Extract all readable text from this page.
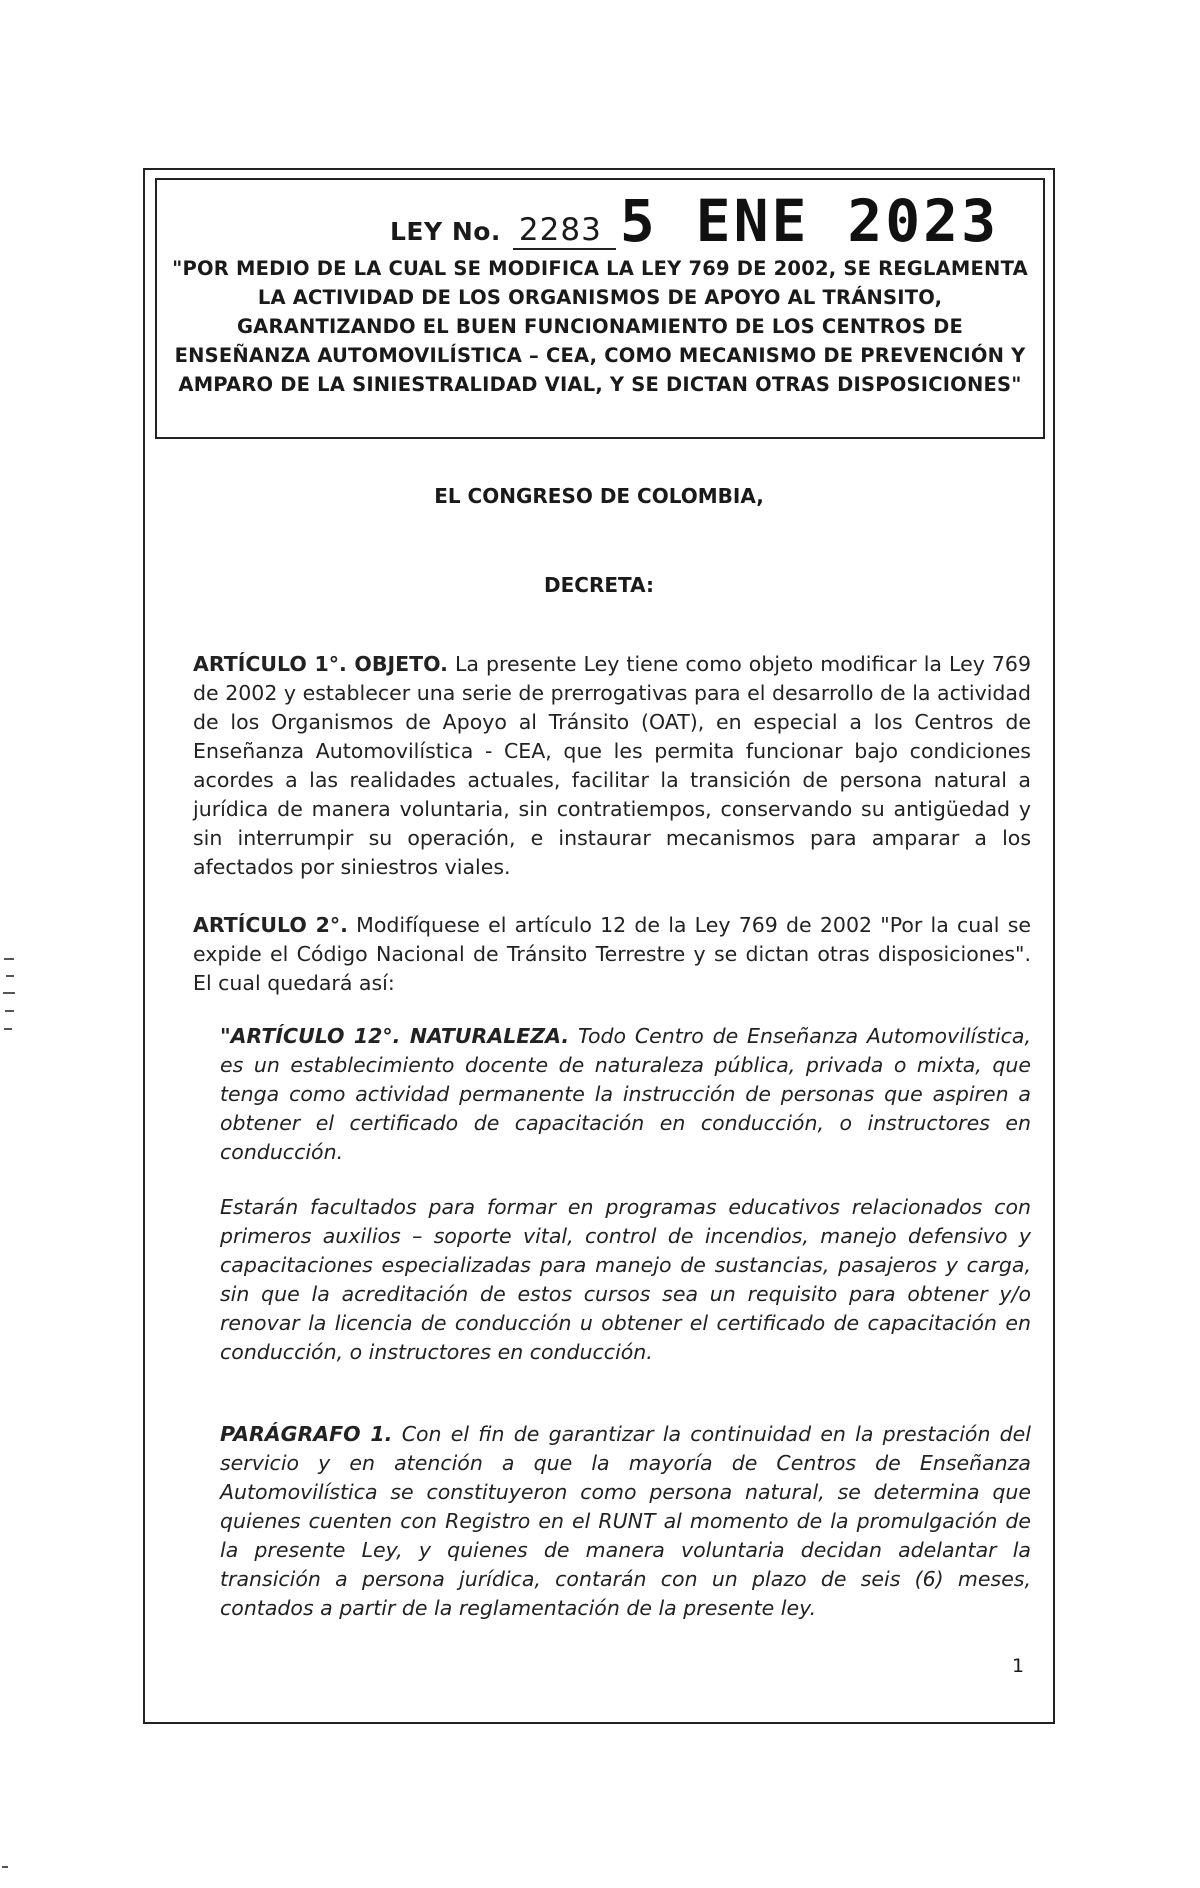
LEY No. 2283 5 ENE 2023

"POR MEDIO DE LA CUAL SE MODIFICA LA LEY 769 DE 2002, SE REGLAMENTA LA ACTIVIDAD DE LOS ORGANISMOS DE APOYO AL TRÁNSITO, GARANTIZANDO EL BUEN FUNCIONAMIENTO DE LOS CENTROS DE ENSEÑANZA AUTOMOVILÍSTICA – CEA, COMO MECANISMO DE PREVENCIÓN Y AMPARO DE LA SINIESTRALIDAD VIAL, Y SE DICTAN OTRAS DISPOSICIONES"

EL CONGRESO DE COLOMBIA,

DECRETA:

ARTÍCULO 1°. OBJETO. La presente Ley tiene como objeto modificar la Ley 769 de 2002 y establecer una serie de prerrogativas para el desarrollo de la actividad de los Organismos de Apoyo al Tránsito (OAT), en especial a los Centros de Enseñanza Automovilística - CEA, que les permita funcionar bajo condiciones acordes a las realidades actuales, facilitar la transición de persona natural a jurídica de manera voluntaria, sin contratiempos, conservando su antigüedad y sin interrumpir su operación, e instaurar mecanismos para amparar a los afectados por siniestros viales.

ARTÍCULO 2°. Modifíquese el artículo 12 de la Ley 769 de 2002 "Por la cual se expide el Código Nacional de Tránsito Terrestre y se dictan otras disposiciones". El cual quedará así:

"ARTÍCULO 12°. NATURALEZA. Todo Centro de Enseñanza Automovilística, es un establecimiento docente de naturaleza pública, privada o mixta, que tenga como actividad permanente la instrucción de personas que aspiren a obtener el certificado de capacitación en conducción, o instructores en conducción.

Estarán facultados para formar en programas educativos relacionados con primeros auxilios – soporte vital, control de incendios, manejo defensivo y capacitaciones especializadas para manejo de sustancias, pasajeros y carga, sin que la acreditación de estos cursos sea un requisito para obtener y/o renovar la licencia de conducción u obtener el certificado de capacitación en conducción, o instructores en conducción.

PARÁGRAFO 1. Con el fin de garantizar la continuidad en la prestación del servicio y en atención a que la mayoría de Centros de Enseñanza Automovilística se constituyeron como persona natural, se determina que quienes cuenten con Registro en el RUNT al momento de la promulgación de la presente Ley, y quienes de manera voluntaria decidan adelantar la transición a persona jurídica, contarán con un plazo de seis (6) meses, contados a partir de la reglamentación de la presente ley.

1
